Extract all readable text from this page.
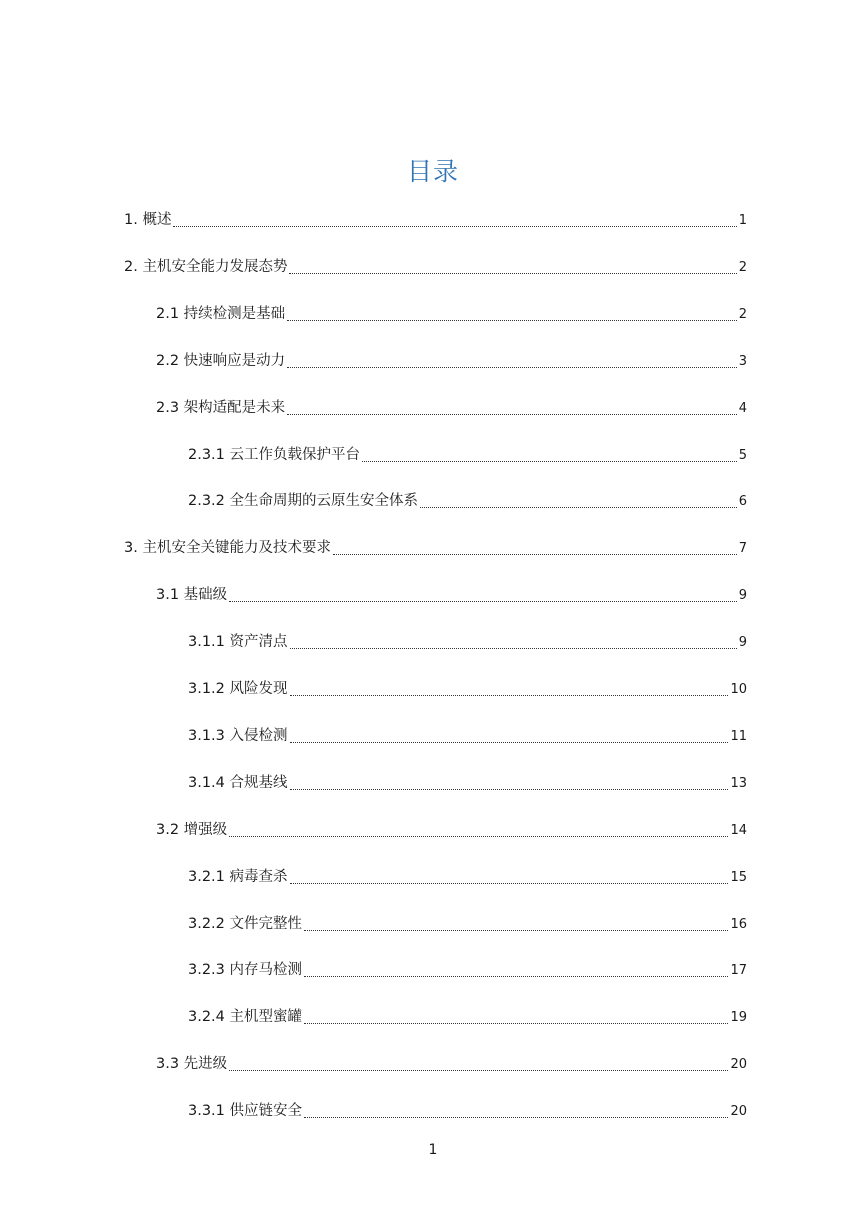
目录
1. 概述	1
2. 主机安全能力发展态势	2
2.1 持续检测是基础	2
2.2 快速响应是动力	3
2.3 架构适配是未来	4
2.3.1 云工作负载保护平台	5
2.3.2 全生命周期的云原生安全体系	6
3. 主机安全关键能力及技术要求	7
3.1 基础级	9
3.1.1 资产清点	9
3.1.2 风险发现	10
3.1.3 入侵检测	11
3.1.4 合规基线	13
3.2 增强级	14
3.2.1 病毒查杀	15
3.2.2 文件完整性	16
3.2.3 内存马检测	17
3.2.4 主机型蜜罐	19
3.3 先进级	20
3.3.1 供应链安全	20
1
